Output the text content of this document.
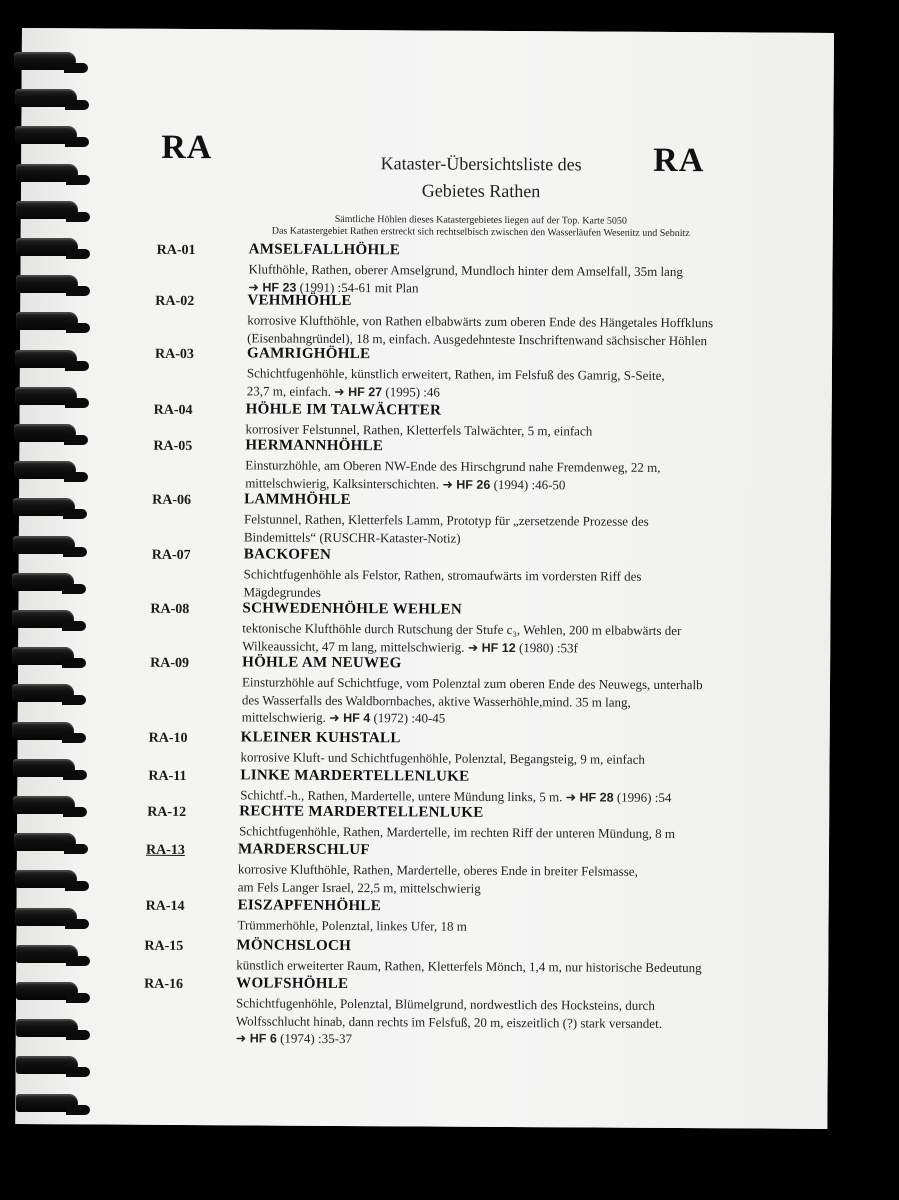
RA	RA
Kataster-Übersichtsliste des
Gebietes Rathen
Sämtliche Höhlen dieses Katastergebietes liegen auf der Top. Karte 5050
Das Katastergebiet Rathen erstreckt sich rechtselbisch zwischen den Wasserläufen Wesenitz und Sebnitz
RA-01	AMSELFALLHÖHLE
Klufthöhle, Rathen, oberer Amselgrund, Mundloch hinter dem Amselfall, 35m lang
➜ HF 23 (1991) :54-61 mit Plan
RA-02	VEHMHÖHLE
korrosive Klufthöhle, von Rathen elbabwärts zum oberen Ende des Hängetales Hoffkluns
(Eisenbahngründel), 18 m, einfach. Ausgedehnteste Inschriftenwand sächsischer Höhlen
RA-03	GAMRIGHÖHLE
Schichtfugenhöhle, künstlich erweitert, Rathen, im Felsfuß des Gamrig, S-Seite,
23,7 m, einfach. ➜ HF 27 (1995) :46
RA-04	HÖHLE IM TALWÄCHTER
korrosiver Felstunnel, Rathen, Kletterfels Talwächter, 5 m, einfach
RA-05	HERMANNHÖHLE
Einsturzhöhle, am Oberen NW-Ende des Hirschgrund nahe Fremdenweg, 22 m,
mittelschwierig, Kalksinterschichten. ➜ HF 26 (1994) :46-50
RA-06	LAMMHÖHLE
Felstunnel, Rathen, Kletterfels Lamm, Prototyp für „zersetzende Prozesse des
Bindemittels“ (RUSCHR-Kataster-Notiz)
RA-07	BACKOFEN
Schichtfugenhöhle als Felstor, Rathen, stromaufwärts im vordersten Riff des
Mägdegrundes
RA-08	SCHWEDENHÖHLE WEHLEN
tektonische Klufthöhle durch Rutschung der Stufe c₃, Wehlen, 200 m elbabwärts der
Wilkeaussicht, 47 m lang, mittelschwierig. ➜ HF 12 (1980) :53f
RA-09	HÖHLE AM NEUWEG
Einsturzhöhle auf Schichtfuge, vom Polenztal zum oberen Ende des Neuwegs, unterhalb
des Wasserfalls des Waldbornbaches, aktive Wasserhöhle,mind. 35 m lang,
mittelschwierig. ➜ HF 4 (1972) :40-45
RA-10	KLEINER KUHSTALL
korrosive Kluft- und Schichtfugenhöhle, Polenztal, Begangsteig, 9 m, einfach
RA-11	LINKE MARDERTELLENLUKE
Schichtf.-h., Rathen, Mardertelle, untere Mündung links, 5 m. ➜ HF 28 (1996) :54
RA-12	RECHTE MARDERTELLENLUKE
Schichtfugenhöhle, Rathen, Mardertelle, im rechten Riff der unteren Mündung, 8 m
RA-13	MARDERSCHLUF
korrosive Klufthöhle, Rathen, Mardertelle, oberes Ende in breiter Felsmasse,
am Fels Langer Israel, 22,5 m, mittelschwierig
RA-14	EISZAPFENHÖHLE
Trümmerhöhle, Polenztal, linkes Ufer, 18 m
RA-15	MÖNCHSLOCH
künstlich erweiterter Raum, Rathen, Kletterfels Mönch, 1,4 m, nur historische Bedeutung
RA-16	WOLFSHÖHLE
Schichtfugenhöhle, Polenztal, Blümelgrund, nordwestlich des Hocksteins, durch
Wolfsschlucht hinab, dann rechts im Felsfuß, 20 m, eiszeitlich (?) stark versandet.
➜ HF 6 (1974) :35-37
